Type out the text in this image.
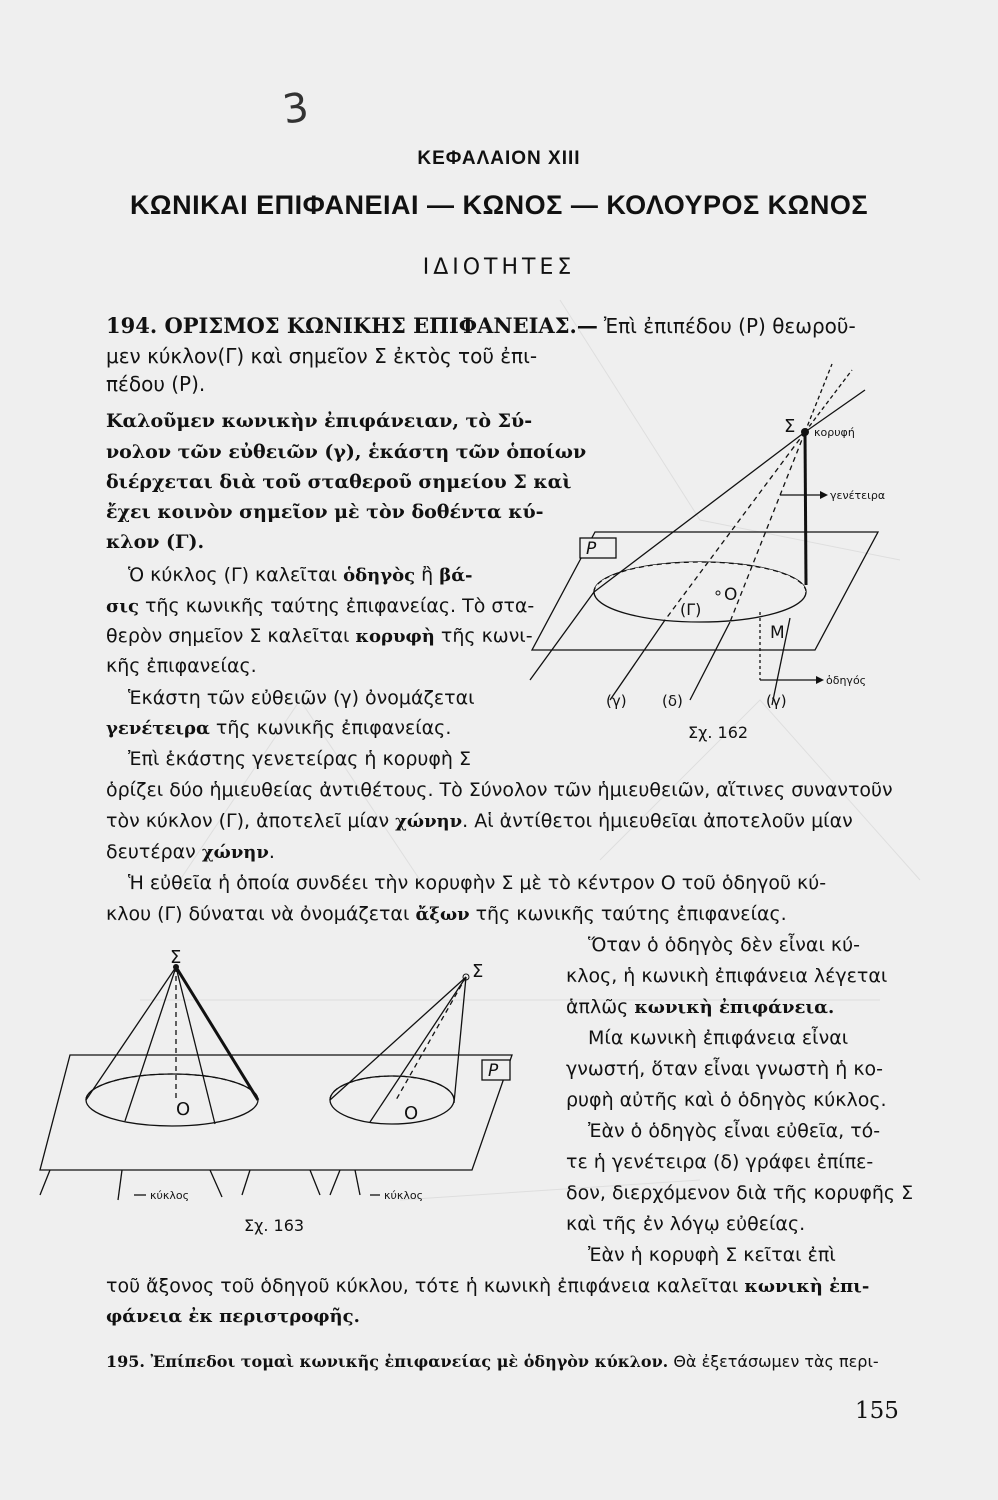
3
ΚΕΦΑΛΑΙΟΝ XIII
ΚΩΝΙΚΑΙ ΕΠΙΦΑΝΕΙΑΙ — ΚΩΝΟΣ — ΚΟΛΟΥΡΟΣ ΚΩΝΟΣ
ΙΔΙΟΤΗΤΕΣ
194. ΟΡΙΣΜΟΣ ΚΩΝΙΚΗΣ ΕΠΙΦΑΝΕΙΑΣ.— Ἐπὶ ἐπιπέδου (Ρ) θεωροῦ-
μεν κύκλον(Γ) καὶ σημεῖον Σ ἐκτὸς τοῦ ἐπι-
πέδου (Ρ).
Καλοῦμεν κωνικὴν ἐπιφάνειαν, τὸ Σύ-
νολον τῶν εὐθειῶν (γ), ἑκάστη τῶν ὁποίων
διέρχεται διὰ τοῦ σταθεροῦ σημείου Σ καὶ
ἔχει κοινὸν σημεῖον μὲ τὸν δοθέντα κύ-
κλον (Γ).
Ὁ κύκλος (Γ) καλεῖται ὁδηγὸς ἢ βά-
σις τῆς κωνικῆς ταύτης ἐπιφανείας. Τὸ στα-
θερὸν σημεῖον Σ καλεῖται κορυφὴ τῆς κωνι-
κῆς ἐπιφανείας.
Ἑκάστη τῶν εὐθειῶν (γ) ὀνομάζεται
γενέτειρα τῆς κωνικῆς ἐπιφανείας.
Ἐπὶ ἑκάστης γενετείρας ἡ κορυφὴ Σ
ὁρίζει δύο ἡμιευθείας ἀντιθέτους. Τὸ Σύνολον τῶν ἡμιευθειῶν, αἵτινες συναντοῦν
τὸν κύκλον (Γ), ἀποτελεῖ μίαν χώνην. Αἱ ἀντίθετοι ἡμιευθεῖαι ἀποτελοῦν μίαν
δευτέραν χώνην.
Ἡ εὐθεῖα ἡ ὁποία συνδέει τὴν κορυφὴν Σ μὲ τὸ κέντρον Ο τοῦ ὁδηγοῦ κύ-
κλου (Γ) δύναται νὰ ὀνομάζεται ἄξων τῆς κωνικῆς ταύτης ἐπιφανείας.
Ὅταν ὁ ὁδηγὸς δὲν εἶναι κύ-
κλος, ἡ κωνικὴ ἐπιφάνεια λέγεται
ἁπλῶς κωνικὴ ἐπιφάνεια.
Μία κωνικὴ ἐπιφάνεια εἶναι
γνωστή, ὅταν εἶναι γνωστὴ ἡ κο-
ρυφὴ αὐτῆς καὶ ὁ ὁδηγὸς κύκλος.
Ἐὰν ὁ ὁδηγὸς εἶναι εὐθεῖα, τό-
τε ἡ γενέτειρα (δ) γράφει ἐπίπε-
δον, διερχόμενον διὰ τῆς κορυφῆς Σ
καὶ τῆς ἐν λόγῳ εὐθείας.
Ἐὰν ἡ κορυφὴ Σ κεῖται ἐπὶ
τοῦ ἄξονος τοῦ ὁδηγοῦ κύκλου, τότε ἡ κωνικὴ ἐπιφάνεια καλεῖται κωνικὴ ἐπι-
φάνεια ἐκ περιστροφῆς.
195. Ἐπίπεδοι τομαὶ κωνικῆς ἐπιφανείας μὲ ὁδηγὸν κύκλον. Θὰ ἐξετάσωμεν τὰς περι-
155
Σ κορυφή
γενέτειρα
P
O
(Γ)
M
ὁδηγός
(γ) (δ)	(γ)
Σχ. 162
Σ
Σ
P
O	O
κύκλος	κύκλος
Σχ. 163
